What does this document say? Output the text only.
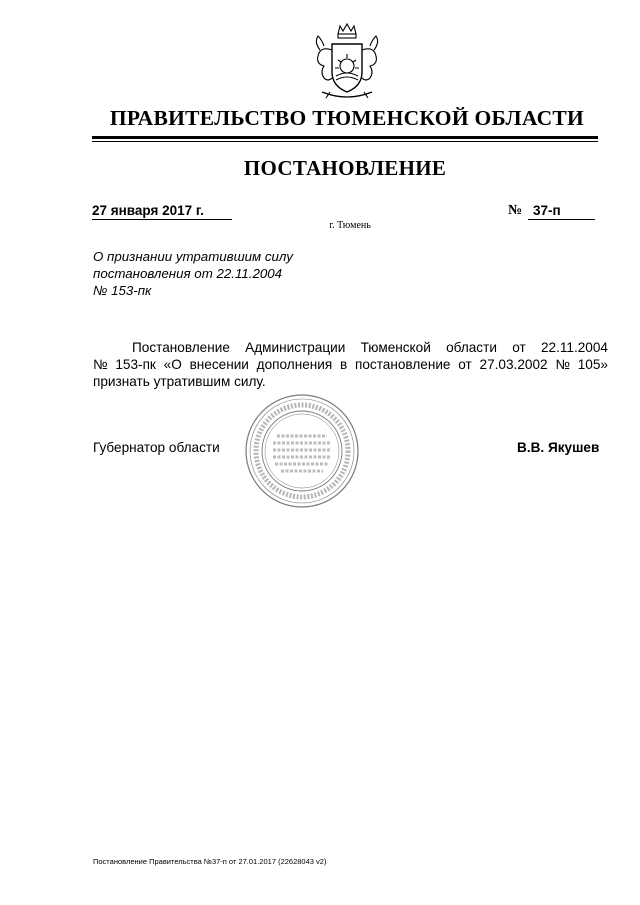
ПРАВИТЕЛЬСТВО ТЮМЕНСКОЙ ОБЛАСТИ
ПОСТАНОВЛЕНИЕ
27 января 2017 г.	№ 37-п
г. Тюмень
О признании утратившим силу
постановления от 22.11.2004
№ 153-пк
Постановление Администрации Тюменской области от 22.11.2004
№ 153-пк «О внесении дополнения в постановление от 27.03.2002 № 105»
признать утратившим силу.
Губернатор области	В.В. Якушев
Постановление Правительства №37-п от 27.01.2017 (22628043 v2)
